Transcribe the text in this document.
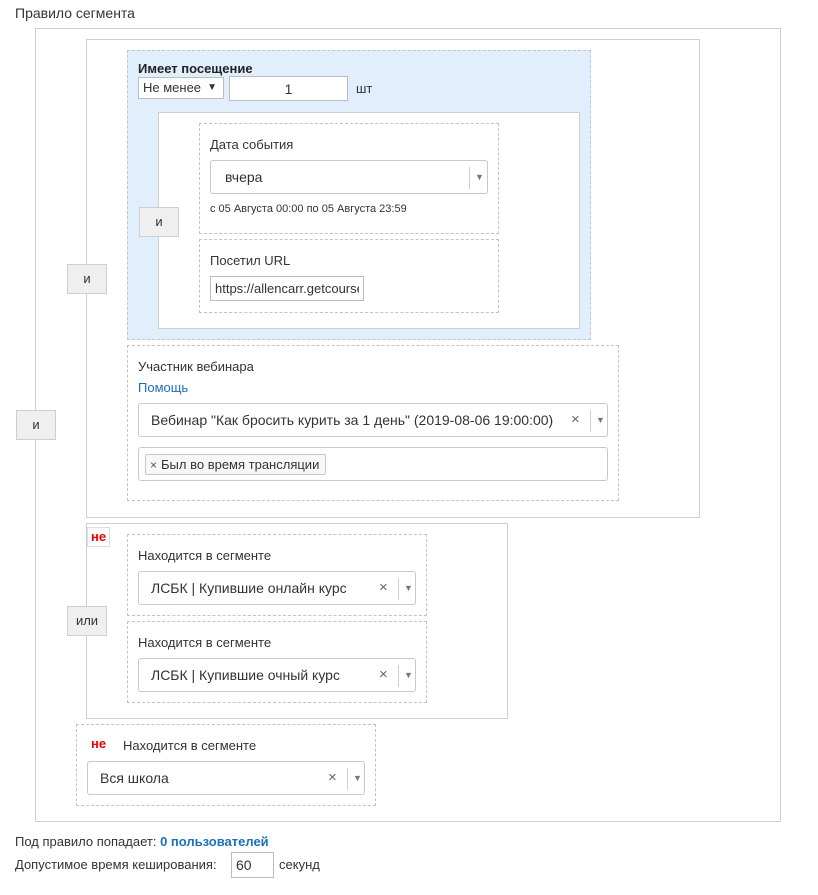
Правило сегмента
и
и
Имеет посещение
Не менее ▼
1	шт
и
Дата события
вчера	▼
с 05 Августа 00:00 по 05 Августа 23:59
Посетил URL
https://allencarr.getcourse.ru
Участник вебинара
Помощь
Вебинар "Как бросить курить за 1 день" (2019-08-06 19:00:00) × ▼
× Был во время трансляции
не
или
Находится в сегменте
ЛСБК | Купившие онлайн курс × ▼
Находится в сегменте
ЛСБК | Купившие очный курс	× ▼
не	Находится в сегменте
Вся школа	× ▼
Под правило попадает: 0 пользователей
Допустимое время кеширования:
60	секунд
